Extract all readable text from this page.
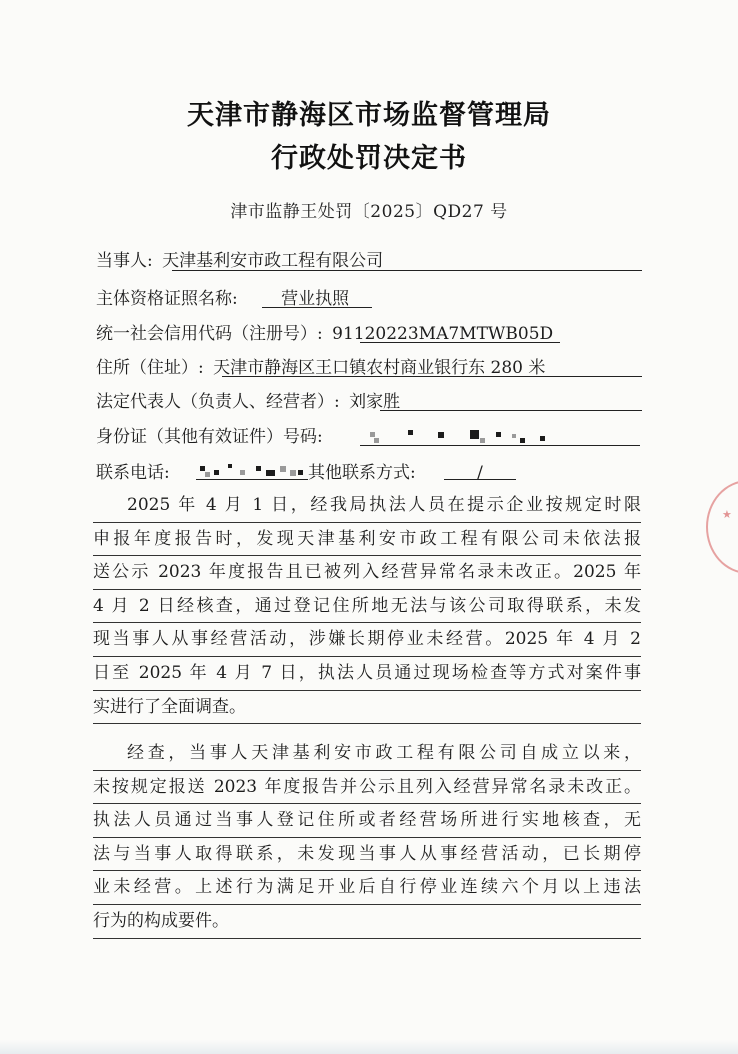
天津市静海区市场监督管理局
行政处罚决定书
津市监静王处罚〔2025〕QD27 号
当事人: 天津基利安市政工程有限公司
主体资格证照名称:	营业执照
统一社会信用代码（注册号）: 91120223MA7MTWB05D
住所（住址）: 天津市静海区王口镇农村商业银行东 280 米
法定代表人（负责人、经营者）: 刘家胜
身份证（其他有效证件）号码:
联系电话:	其他联系方式:	/
2025 年 4 月 1 日，经我局执法人员在提示企业按规定时限
申报年度报告时，发现天津基利安市政工程有限公司未依法报
送公示 2023 年度报告且已被列入经营异常名录未改正。2025 年
4 月 2 日经核查，通过登记住所地无法与该公司取得联系，未发
现当事人从事经营活动，涉嫌长期停业未经营。2025 年 4 月 2
日至 2025 年 4 月 7 日，执法人员通过现场检查等方式对案件事
实进行了全面调查。
经查，当事人天津基利安市政工程有限公司自成立以来，
未按规定报送 2023 年度报告并公示且列入经营异常名录未改正。
执法人员通过当事人登记住所或者经营场所进行实地核查，无
法与当事人取得联系，未发现当事人从事经营活动，已长期停
业未经营。上述行为满足开业后自行停业连续六个月以上违法
行为的构成要件。
★
